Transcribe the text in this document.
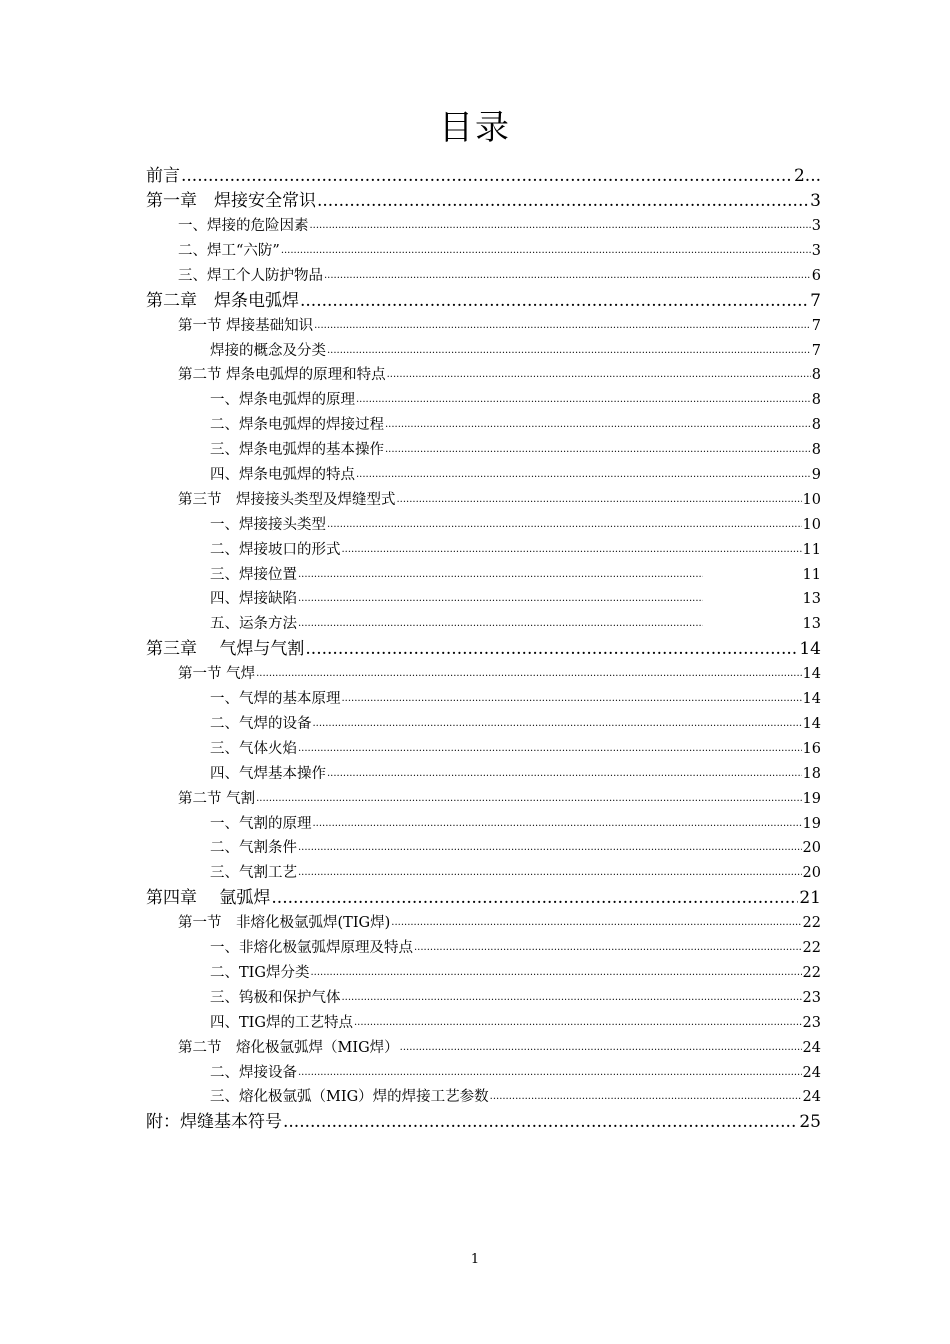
目录
前言 .....	2...
第一章　焊接安全常识 .....	3
一、焊接的危险因素 .....	3
二、焊工“六防” .....	3
三、焊工个人防护物品 .....	6
第二章　焊条电弧焊 .....	7
第一节 焊接基础知识 .....	7
焊接的概念及分类 .....	7
第二节 焊条电弧焊的原理和特点 .....	8
一、焊条电弧焊的原理 .....	8
二、焊条电弧焊的焊接过程 .....	8
三、焊条电弧焊的基本操作 .....	8
四、焊条电弧焊的特点 .....	9
第三节　焊接接头类型及焊缝型式 .....	10
一、焊接接头类型 .....	10
二、焊接坡口的形式 .....	11
三、焊接位置 .....	11
四、焊接缺陷 .....	13
五、运条方法 .....	13
第三章　 气焊与气割 .....	14
第一节 气焊 .....	14
一、气焊的基本原理 .....	14
二、气焊的设备 .....	14
三、气体火焰 .....	16
四、气焊基本操作 .....	18
第二节 气割 .....	19
一、气割的原理 .....	19
二、气割条件 .....	20
三、气割工艺 .....	20
第四章　 氩弧焊 .....	21
第一节　非熔化极氩弧焊(TIG焊) .....	22
一、非熔化极氩弧焊原理及特点 .....	22
二、TIG焊分类 .....	22
三、钨极和保护气体 .....	23
四、TIG焊的工艺特点 .....	23
第二节　熔化极氩弧焊（MIG焊） .....	24
二、焊接设备 .....	24
三、熔化极氩弧（MIG）焊的焊接工艺参数 .....	24
附：焊缝基本符号 .....	25
1
